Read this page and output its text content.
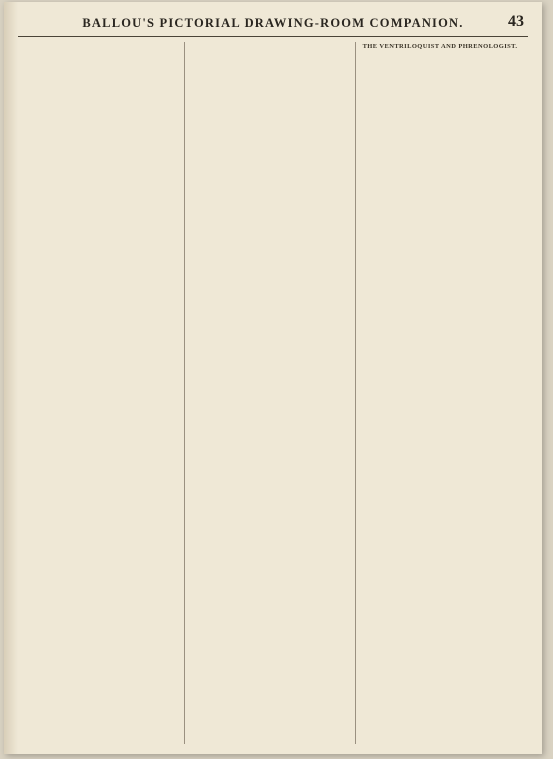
BALLOU'S PICTORIAL DRAWING-ROOM COMPANION.	43
THE VENTRILOQUIST AND PHRENOLOGIST.
